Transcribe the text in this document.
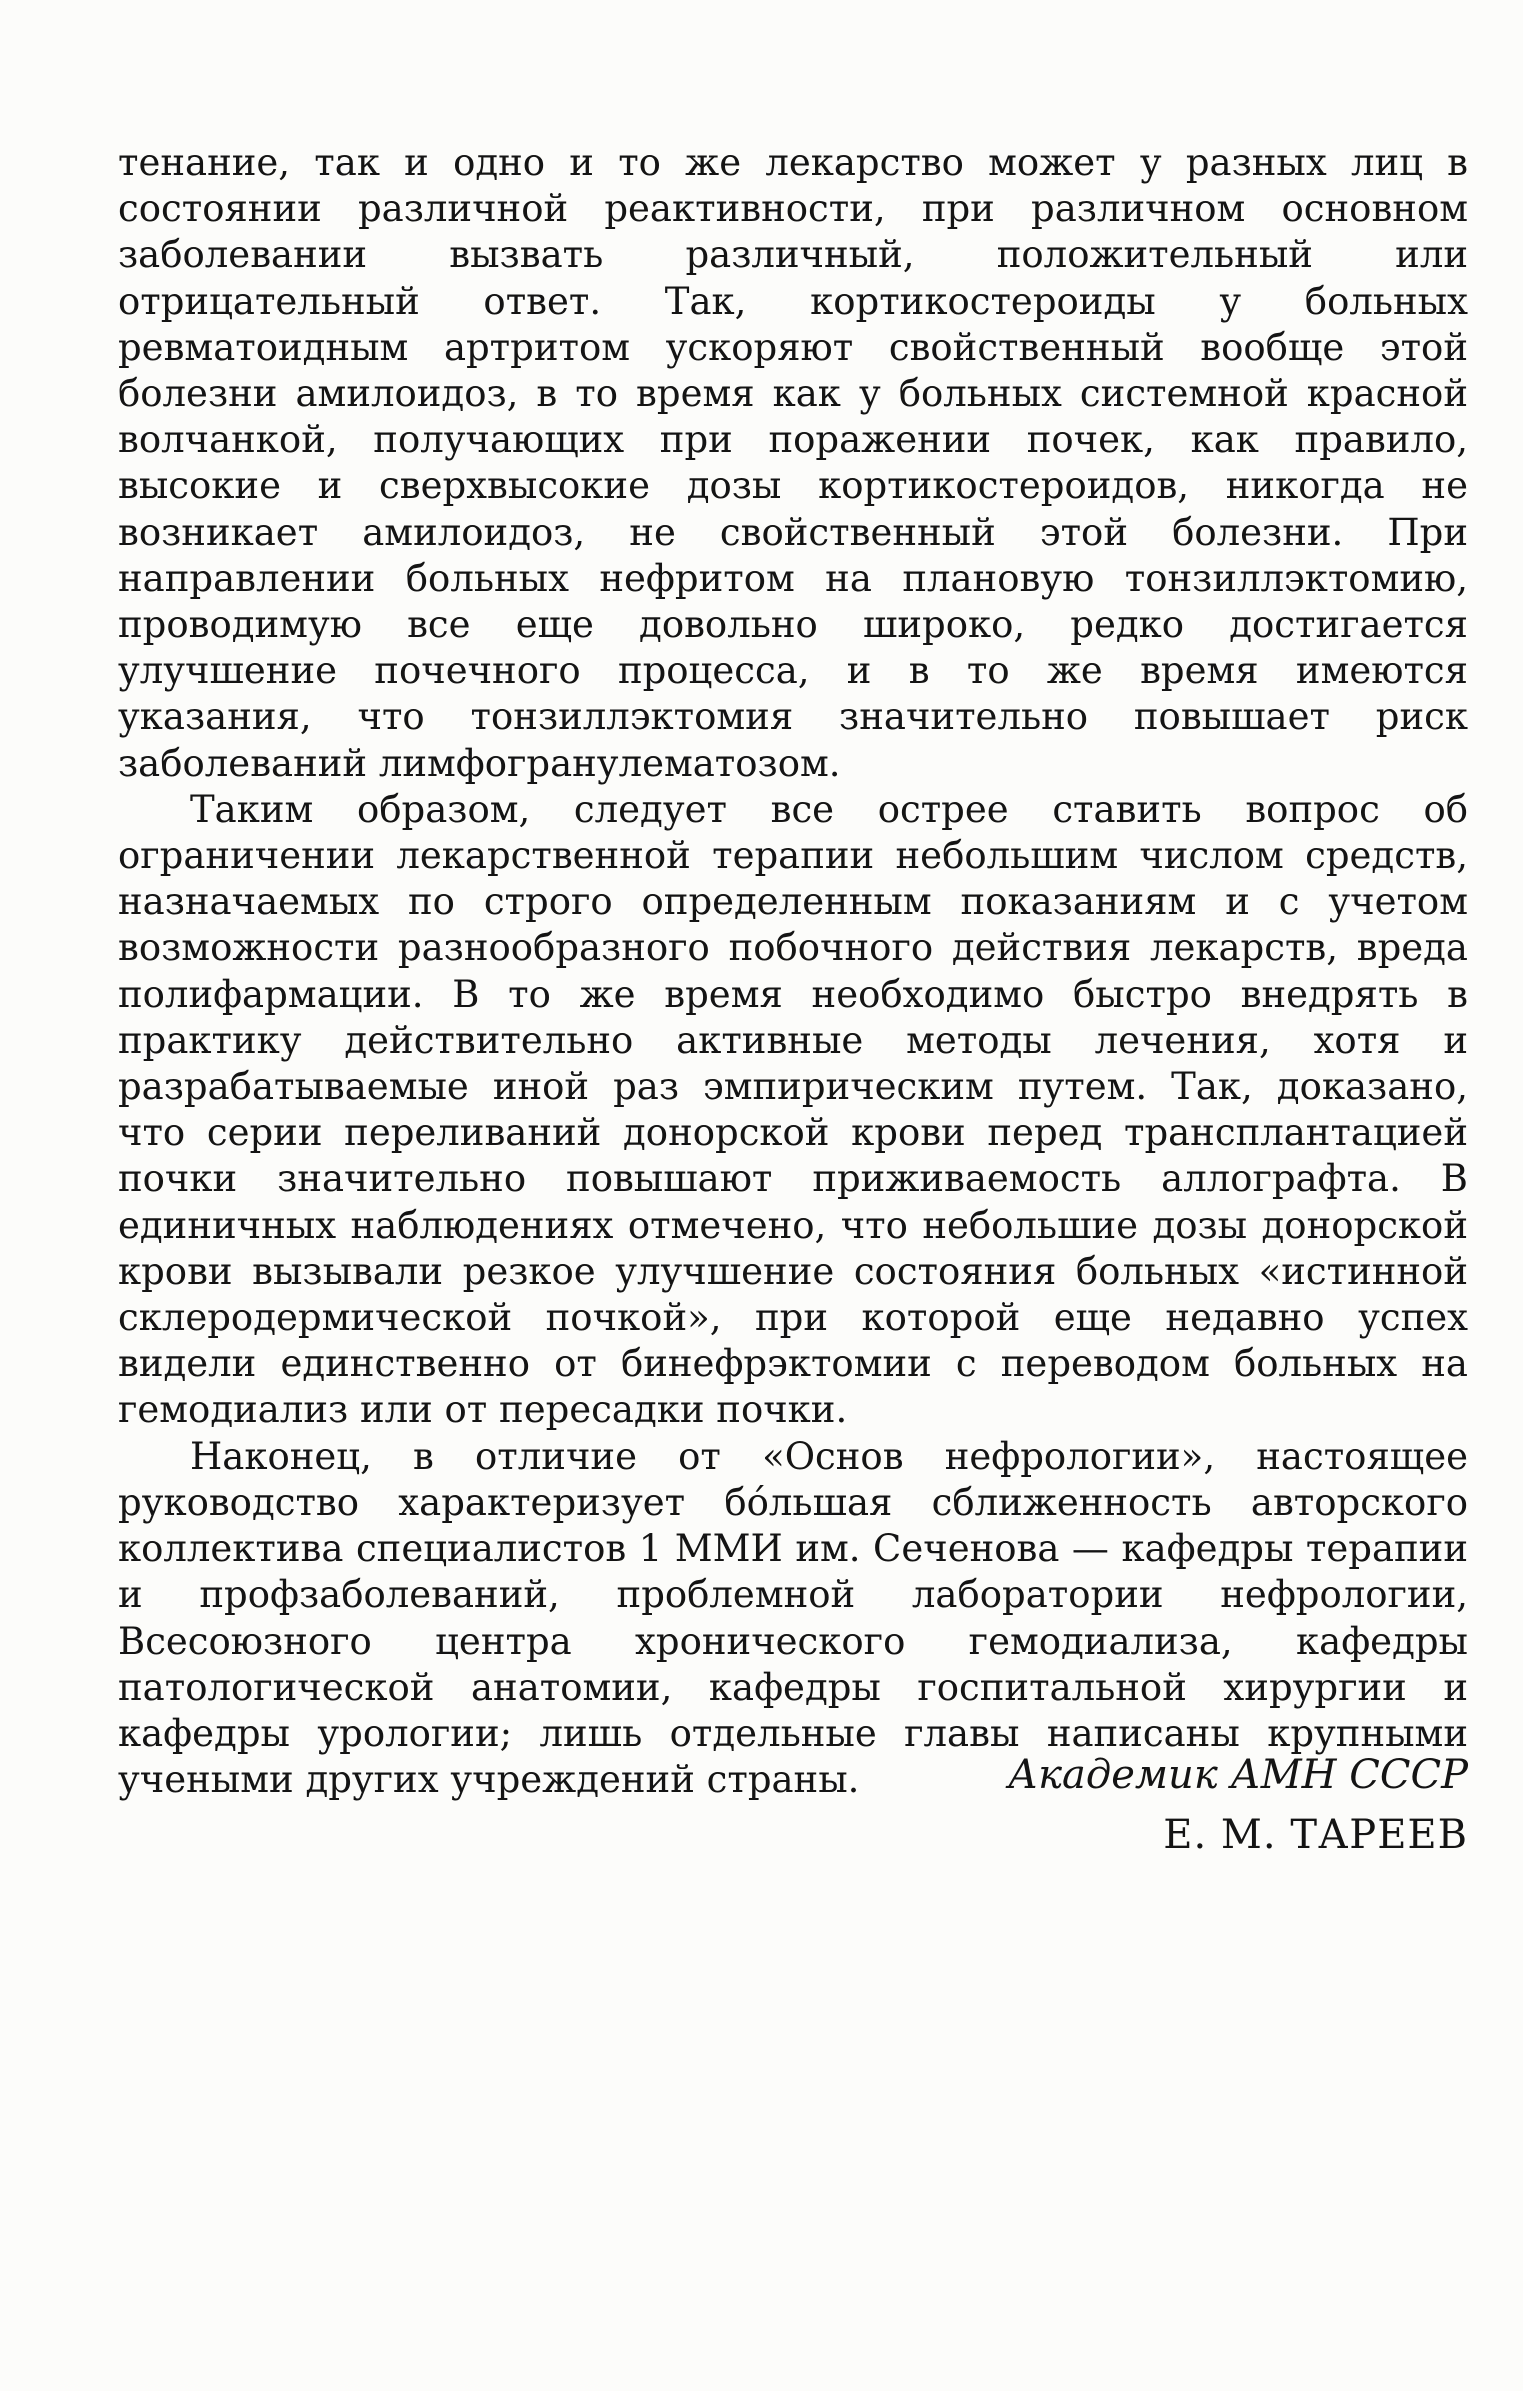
тенание, так и одно и то же лекарство может у разных лиц в состоянии различной реактивности, при различном основном заболевании вызвать различный, положительный или отрицательный ответ. Так, кортикостероиды у больных ревматоидным артритом ускоряют свойственный вообще этой болезни амилоидоз, в то время как у больных системной красной волчанкой, получающих при поражении почек, как правило, высокие и сверхвысокие дозы кортикостероидов, никогда не возникает амилоидоз, не свойственный этой болезни. При направлении больных нефритом на плановую тонзиллэктомию, проводимую все еще довольно широко, редко достигается улучшение почечного процесса, и в то же время имеются указания, что тонзиллэктомия значительно повышает риск заболеваний лимфогранулематозом.

Таким образом, следует все острее ставить вопрос об ограничении лекарственной терапии небольшим числом средств, назначаемых по строго определенным показаниям и с учетом возможности разнообразного побочного действия лекарств, вреда полифармации. В то же время необходимо быстро внедрять в практику действительно активные методы лечения, хотя и разрабатываемые иной раз эмпирическим путем. Так, доказано, что серии переливаний донорской крови перед трансплантацией почки значительно повышают приживаемость аллографта. В единичных наблюдениях отмечено, что небольшие дозы донорской крови вызывали резкое улучшение состояния больных «истинной склеродермической почкой», при которой еще недавно успех видели единственно от бинефрэктомии с переводом больных на гемодиализ или от пересадки почки.

Наконец, в отличие от «Основ нефрологии», настоящее руководство характеризует бóльшая сближенность авторского коллектива специалистов 1 ММИ им. Сеченова — кафедры терапии и профзаболеваний, проблемной лаборатории нефрологии, Всесоюзного центра хронического гемодиализа, кафедры патологической анатомии, кафедры госпитальной хирургии и кафедры урологии; лишь отдельные главы написаны крупными учеными других учреждений страны.	Академик АМН СССР
Е. М. ТАРЕЕВ
